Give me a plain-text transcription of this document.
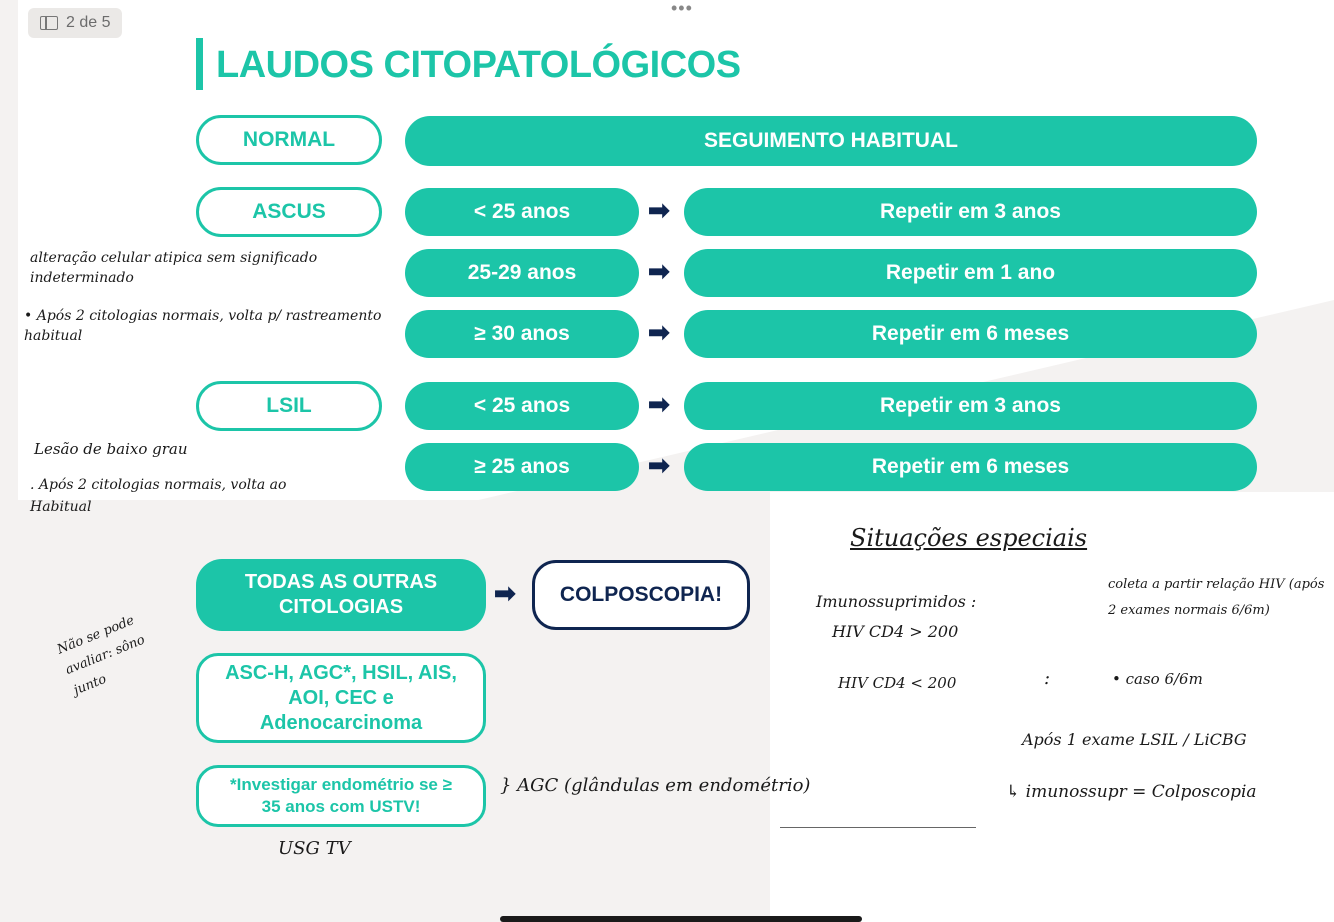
2 de 5
•••
LAUDOS CITOPATOLÓGICOS
NORMAL	SEGUIMENTO HABITUAL
ASCUS	< 25 anos	➡	Repetir em 3 anos
25-29 anos	➡	Repetir em 1 ano
≥ 30 anos	➡	Repetir em 6 meses
LSIL	< 25 anos	➡	Repetir em 3 anos
≥ 25 anos	➡	Repetir em 6 meses
TODAS AS OUTRAS CITOLOGIAS	➡	COLPOSCOPIA!
ASC-H, AGC*, HSIL, AIS, AOI, CEC e Adenocarcinoma
*Investigar endométrio se ≥ 35 anos com USTV!
alteração celular atipica sem significado indeterminado
• Após 2 citologias normais, volta p/ rastreamento habitual
Lesão de baixo grau
. Após 2 citologias normais, volta ao Habitual
Não se pode avaliar: sôno junto
} AGC (glândulas em endométrio)
USG TV
Situações especiais
Imunossuprimidos :
HIV CD4 > 200
coleta a partir relação HIV (após 2 exames normais 6/6m)
HIV CD4 < 200	:	• caso 6/6m
Após 1 exame LSIL / LiCBG
↳ imunossupr = Colposcopia
